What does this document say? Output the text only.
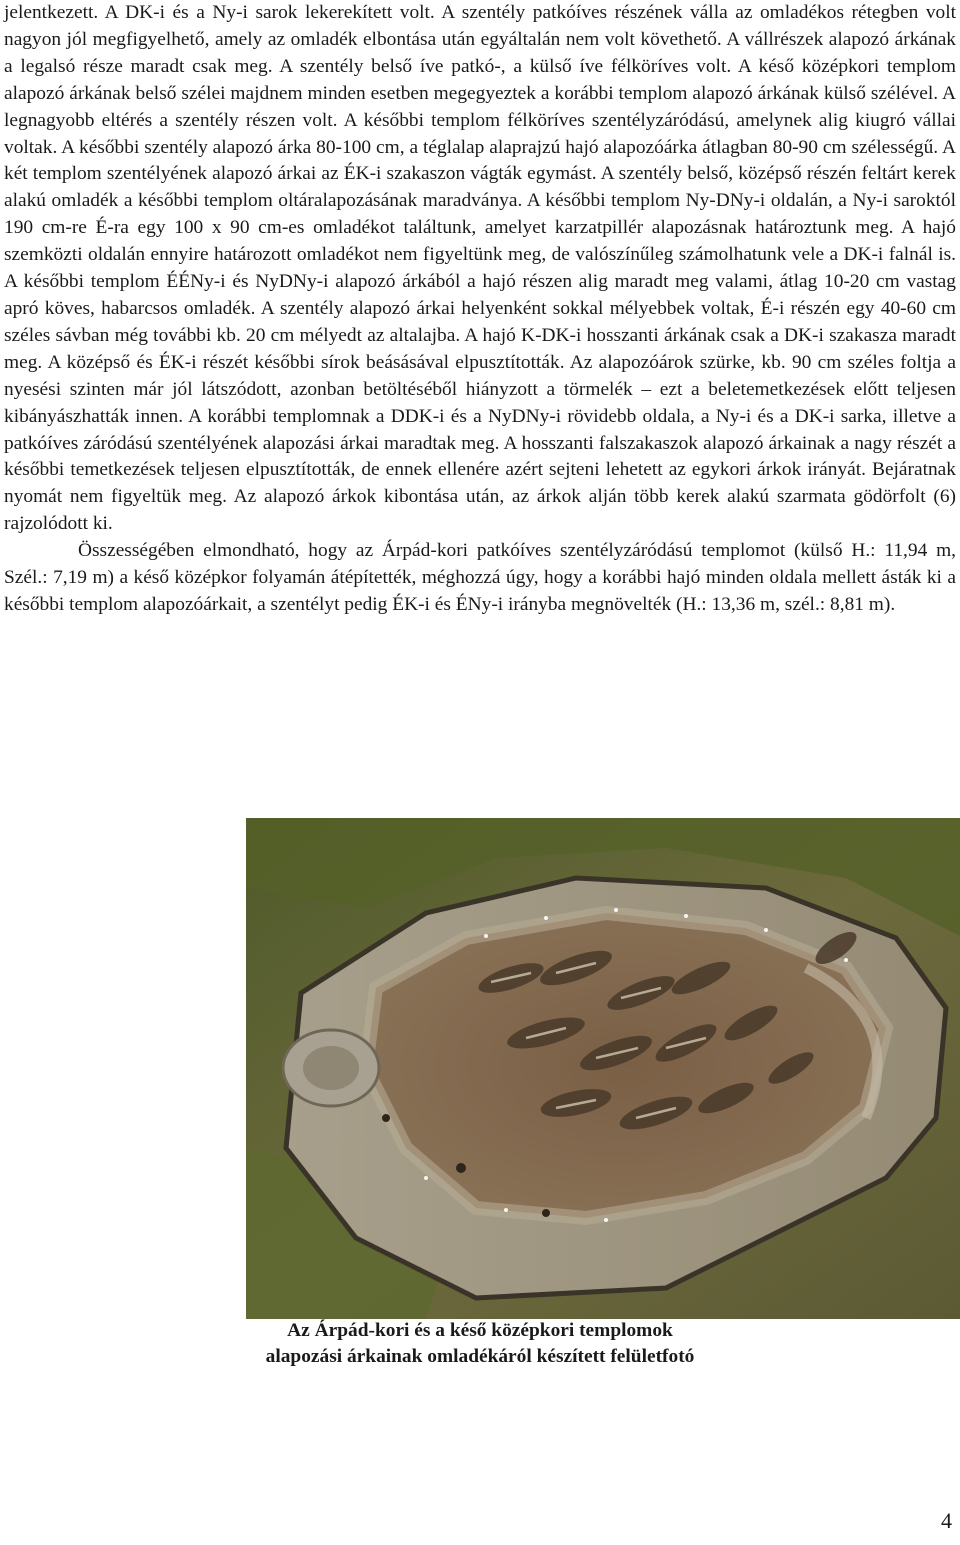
jelentkezett. A DK-i és a Ny-i sarok lekerekített volt. A szentély patkóíves részének válla az omladékos rétegben volt nagyon jól megfigyelhető, amely az omladék elbontása után egyáltalán nem volt követhető. A vállrészek alapozó árkának a legalsó része maradt csak meg. A szentély belső íve patkó-, a külső íve félköríves volt. A késő középkori templom alapozó árkának belső szélei majdnem minden esetben megegyeztek a korábbi templom alapozó árkának külső szélével. A legnagyobb eltérés a szentély részen volt. A későbbi templom félköríves szentélyzáródású, amelynek alig kiugró vállai voltak. A későbbi szentély alapozó árka 80-100 cm, a téglalap alaprajzú hajó alapozóárka átlagban 80-90 cm szélességű. A két templom szentélyének alapozó árkai az ÉK-i szakaszon vágták egymást. A szentély belső, középső részén feltárt kerek alakú omladék a későbbi templom oltáralapozásának maradványa. A későbbi templom Ny-DNy-i oldalán, a Ny-i saroktól 190 cm-re É-ra egy 100 x 90 cm-es omladékot találtunk, amelyet karzatpillér alapozásnak határoztunk meg. A hajó szemközti oldalán ennyire határozott omladékot nem figyeltünk meg, de valószínűleg számolhatunk vele a DK-i falnál is. A későbbi templom ÉÉNy-i és NyDNy-i alapozó árkából a hajó részen alig maradt meg valami, átlag 10-20 cm vastag apró köves, habarcsos omladék. A szentély alapozó árkai helyenként sokkal mélyebbek voltak, É-i részén egy 40-60 cm széles sávban még további kb. 20 cm mélyedt az altalajba. A hajó K-DK-i hosszanti árkának csak a DK-i szakasza maradt meg. A középső és ÉK-i részét későbbi sírok beásásával elpusztították. Az alapozóárok szürke, kb. 90 cm széles foltja a nyesési szinten már jól látszódott, azonban betöltéséből hiányzott a törmelék – ezt a beletemetkezések előtt teljesen kibányászhatták innen. A korábbi templomnak a DDK-i és a NyDNy-i rövidebb oldala, a Ny-i és a DK-i sarka, illetve a patkóíves záródású szentélyének alapozási árkai maradtak meg. A hosszanti falszakaszok alapozó árkainak a nagy részét a későbbi temetkezések teljesen elpusztították, de ennek ellenére azért sejteni lehetett az egykori árkok irányát. Bejáratnak nyomát nem figyeltük meg. Az alapozó árkok kibontása után, az árkok alján több kerek alakú szarmata gödörfolt (6) rajzolódott ki.

Összességében elmondható, hogy az Árpád-kori patkóíves szentélyzáródású templomot (külső H.: 11,94 m, Szél.: 7,19 m) a késő középkor folyamán átépítették, méghozzá úgy, hogy a korábbi hajó minden oldala mellett ásták ki a későbbi templom alapozóárkait, a szentélyt pedig ÉK-i és ÉNy-i irányba megnövelték (H.: 13,36 m, szél.: 8,81 m).

Az Árpád-kori és a késő középkori templomok
alapozási árkainak omladékáról készített felületfotó
4
